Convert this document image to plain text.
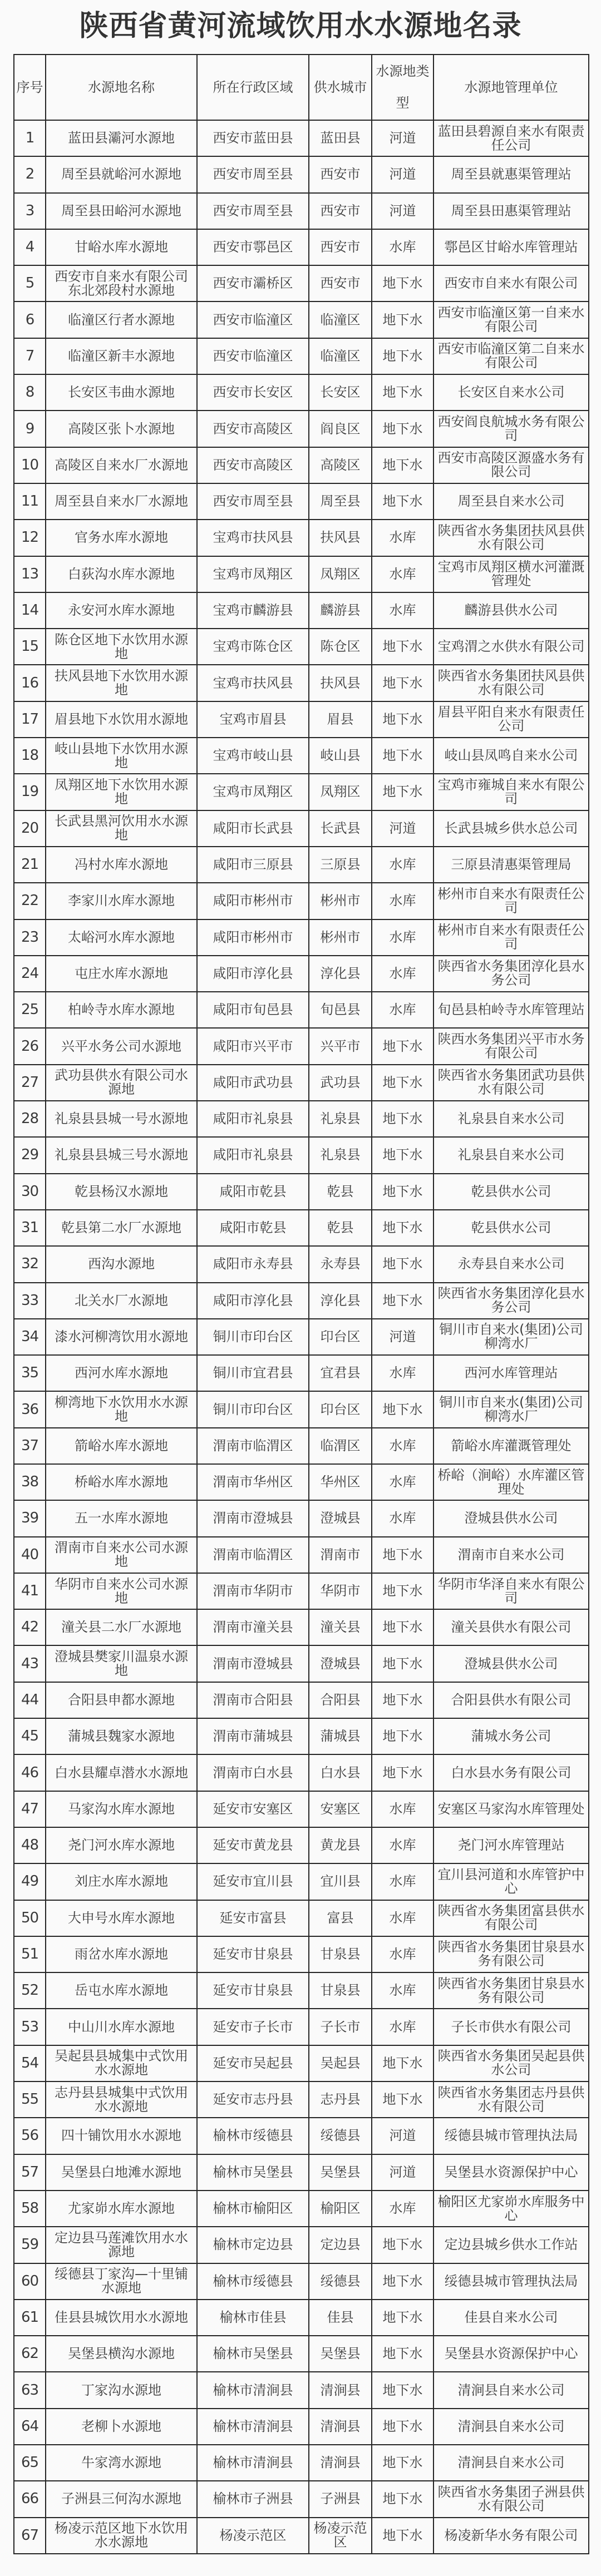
陕西省黄河流域饮用水水源地名录
序号	水源地名称	所在行政区域	供水城市	水源地类型	水源地管理单位
1	蓝田县灞河水源地	西安市蓝田县	蓝田县	河道	蓝田县碧源自来水有限责任公司
2	周至县就峪河水源地	西安市周至县	西安市	河道	周至县就惠渠管理站
3	周至县田峪河水源地	西安市周至县	西安市	河道	周至县田惠渠管理站
4	甘峪水库水源地	西安市鄠邑区	西安市	水库	鄠邑区甘峪水库管理站
5	西安市自来水有限公司东北郊段村水源地	西安市灞桥区	西安市	地下水	西安市自来水有限公司
6	临潼区行者水源地	西安市临潼区	临潼区	地下水	西安市临潼区第一自来水有限公司
7	临潼区新丰水源地	西安市临潼区	临潼区	地下水	西安市临潼区第二自来水有限公司
8	长安区韦曲水源地	西安市长安区	长安区	地下水	长安区自来水公司
9	高陵区张卜水源地	西安市高陵区	阎良区	地下水	西安阎良航城水务有限公司
10	高陵区自来水厂水源地	西安市高陵区	高陵区	地下水	西安市高陵区源盛水务有限公司
11	周至县自来水厂水源地	西安市周至县	周至县	地下水	周至县自来水公司
12	官务水库水源地	宝鸡市扶风县	扶风县	水库	陕西省水务集团扶风县供水有限公司
13	白荻沟水库水源地	宝鸡市凤翔区	凤翔区	水库	宝鸡市凤翔区横水河灌溉管理处
14	永安河水库水源地	宝鸡市麟游县	麟游县	水库	麟游县供水公司
15	陈仓区地下水饮用水源地	宝鸡市陈仓区	陈仓区	地下水	宝鸡渭之水供水有限公司
16	扶风县地下水饮用水源地	宝鸡市扶风县	扶风县	地下水	陕西省水务集团扶风县供水有限公司
17	眉县地下水饮用水源地	宝鸡市眉县	眉县	地下水	眉县平阳自来水有限责任公司
18	岐山县地下水饮用水源地	宝鸡市岐山县	岐山县	地下水	岐山县凤鸣自来水公司
19	凤翔区地下水饮用水源地	宝鸡市凤翔区	凤翔区	地下水	宝鸡市雍城自来水有限公司
20	长武县黑河饮用水水源地	咸阳市长武县	长武县	河道	长武县城乡供水总公司
21	冯村水库水源地	咸阳市三原县	三原县	水库	三原县清惠渠管理局
22	李家川水库水源地	咸阳市彬州市	彬州市	水库	彬州市自来水有限责任公司
23	太峪河水库水源地	咸阳市彬州市	彬州市	水库	彬州市自来水有限责任公司
24	屯庄水库水源地	咸阳市淳化县	淳化县	水库	陕西省水务集团淳化县水务公司
25	柏岭寺水库水源地	咸阳市旬邑县	旬邑县	水库	旬邑县柏岭寺水库管理站
26	兴平水务公司水源地	咸阳市兴平市	兴平市	地下水	陕西水务集团兴平市水务有限公司
27	武功县供水有限公司水源地	咸阳市武功县	武功县	地下水	陕西省水务集团武功县供水有限公司
28	礼泉县县城一号水源地	咸阳市礼泉县	礼泉县	地下水	礼泉县自来水公司
29	礼泉县县城三号水源地	咸阳市礼泉县	礼泉县	地下水	礼泉县自来水公司
30	乾县杨汉水源地	咸阳市乾县	乾县	地下水	乾县供水公司
31	乾县第二水厂水源地	咸阳市乾县	乾县	地下水	乾县供水公司
32	西沟水源地	咸阳市永寿县	永寿县	地下水	永寿县自来水公司
33	北关水厂水源地	咸阳市淳化县	淳化县	地下水	陕西省水务集团淳化县水务公司
34	漆水河柳湾饮用水源地	铜川市印台区	印台区	河道	铜川市自来水(集团)公司柳湾水厂
35	西河水库水源地	铜川市宜君县	宜君县	水库	西河水库管理站
36	柳湾地下水饮用水水源地	铜川市印台区	印台区	地下水	铜川市自来水(集团)公司柳湾水厂
37	箭峪水库水源地	渭南市临渭区	临渭区	水库	箭峪水库灌溉管理处
38	桥峪水库水源地	渭南市华州区	华州区	水库	桥峪（涧峪）水库灌区管理处
39	五一水库水源地	渭南市澄城县	澄城县	水库	澄城县供水公司
40	渭南市自来水公司水源地	渭南市临渭区	渭南市	地下水	渭南市自来水公司
41	华阴市自来水公司水源地	渭南市华阴市	华阴市	地下水	华阴市华泽自来水有限公司
42	潼关县二水厂水源地	渭南市潼关县	潼关县	地下水	潼关县供水有限公司
43	澄城县樊家川温泉水源地	渭南市澄城县	澄城县	地下水	澄城县供水公司
44	合阳县申都水源地	渭南市合阳县	合阳县	地下水	合阳县供水有限公司
45	蒲城县魏家水源地	渭南市蒲城县	蒲城县	地下水	蒲城水务公司
46	白水县耀卓潜水水源地	渭南市白水县	白水县	地下水	白水县水务有限公司
47	马家沟水库水源地	延安市安塞区	安塞区	水库	安塞区马家沟水库管理处
48	尧门河水库水源地	延安市黄龙县	黄龙县	水库	尧门河水库管理站
49	刘庄水库水源地	延安市宜川县	宜川县	水库	宜川县河道和水库管护中心
50	大申号水库水源地	延安市富县	富县	水库	陕西省水务集团富县供水有限公司
51	雨岔水库水源地	延安市甘泉县	甘泉县	水库	陕西省水务集团甘泉县水务有限公司
52	岳屯水库水源地	延安市甘泉县	甘泉县	水库	陕西省水务集团甘泉县水务有限公司
53	中山川水库水源地	延安市子长市	子长市	水库	子长市供水有限公司
54	吴起县县城集中式饮用水水源地	延安市吴起县	吴起县	地下水	陕西省水务集团吴起县供水公司
55	志丹县县城集中式饮用水水源地	延安市志丹县	志丹县	地下水	陕西省水务集团志丹县供水有限公司
56	四十铺饮用水水源地	榆林市绥德县	绥德县	河道	绥德县城市管理执法局
57	吴堡县白地滩水源地	榆林市吴堡县	吴堡县	河道	吴堡县水资源保护中心
58	尤家峁水库水源地	榆林市榆阳区	榆阳区	水库	榆阳区尤家峁水库服务中心
59	定边县马莲滩饮用水水源地	榆林市定边县	定边县	地下水	定边县城乡供水工作站
60	绥德县丁家沟—十里铺水源地	榆林市绥德县	绥德县	地下水	绥德县城市管理执法局
61	佳县县城饮用水水源地	榆林市佳县	佳县	地下水	佳县自来水公司
62	吴堡县横沟水源地	榆林市吴堡县	吴堡县	地下水	吴堡县水资源保护中心
63	丁家沟水源地	榆林市清涧县	清涧县	地下水	清涧县自来水公司
64	老柳卜水源地	榆林市清涧县	清涧县	地下水	清涧县自来水公司
65	牛家湾水源地	榆林市清涧县	清涧县	地下水	清涧县自来水公司
66	子洲县三何沟水源地	榆林市子洲县	子洲县	地下水	陕西省水务集团子洲县供水有限公司
67	杨凌示范区地下水饮用水水源地	杨凌示范区	杨凌示范区	地下水	杨凌新华水务有限公司
